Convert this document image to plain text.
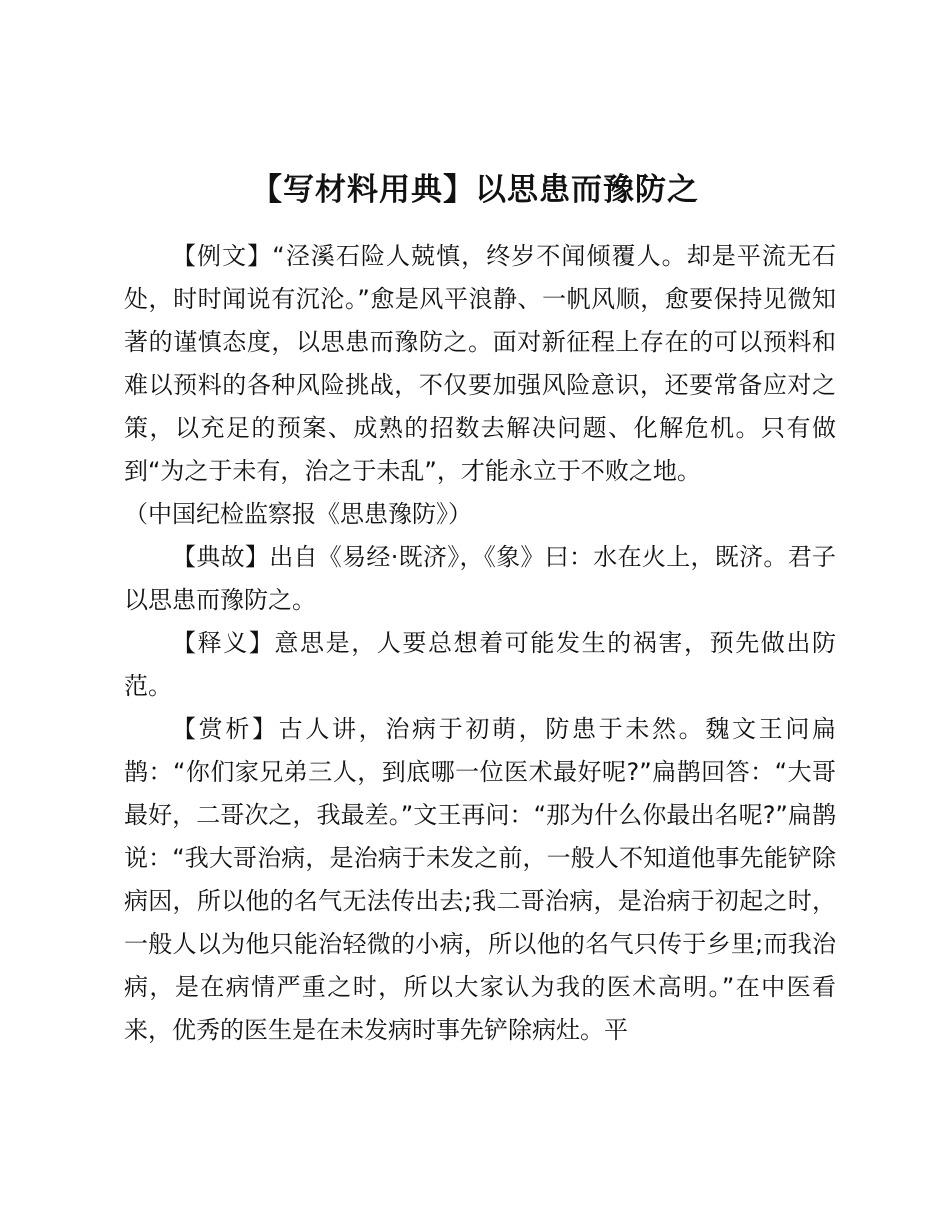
【写材料用典】以思患而豫防之

【例文】“泾溪石险人兢慎，终岁不闻倾覆人。却是平流无石处，时时闻说有沉沦。”愈是风平浪静、一帆风顺，愈要保持见微知著的谨慎态度，以思患而豫防之。面对新征程上存在的可以预料和难以预料的各种风险挑战，不仅要加强风险意识，还要常备应对之策，以充足的预案、成熟的招数去解决问题、化解危机。只有做到“为之于未有，治之于未乱”，才能永立于不败之地。

（中国纪检监察报《思患豫防》）

【典故】出自《易经·既济》，《象》曰：水在火上，既济。君子以思患而豫防之。

【释义】意思是，人要总想着可能发生的祸害，预先做出防范。

【赏析】古人讲，治病于初萌，防患于未然。魏文王问扁鹊：“你们家兄弟三人，到底哪一位医术最好呢?”扁鹊回答：“大哥最好，二哥次之，我最差。”文王再问：“那为什么你最出名呢?”扁鹊说：“我大哥治病，是治病于未发之前，一般人不知道他事先能铲除病因，所以他的名气无法传出去;我二哥治病，是治病于初起之时，一般人以为他只能治轻微的小病，所以他的名气只传于乡里;而我治病，是在病情严重之时，所以大家认为我的医术高明。”在中医看来，优秀的医生是在未发病时事先铲除病灶。平
